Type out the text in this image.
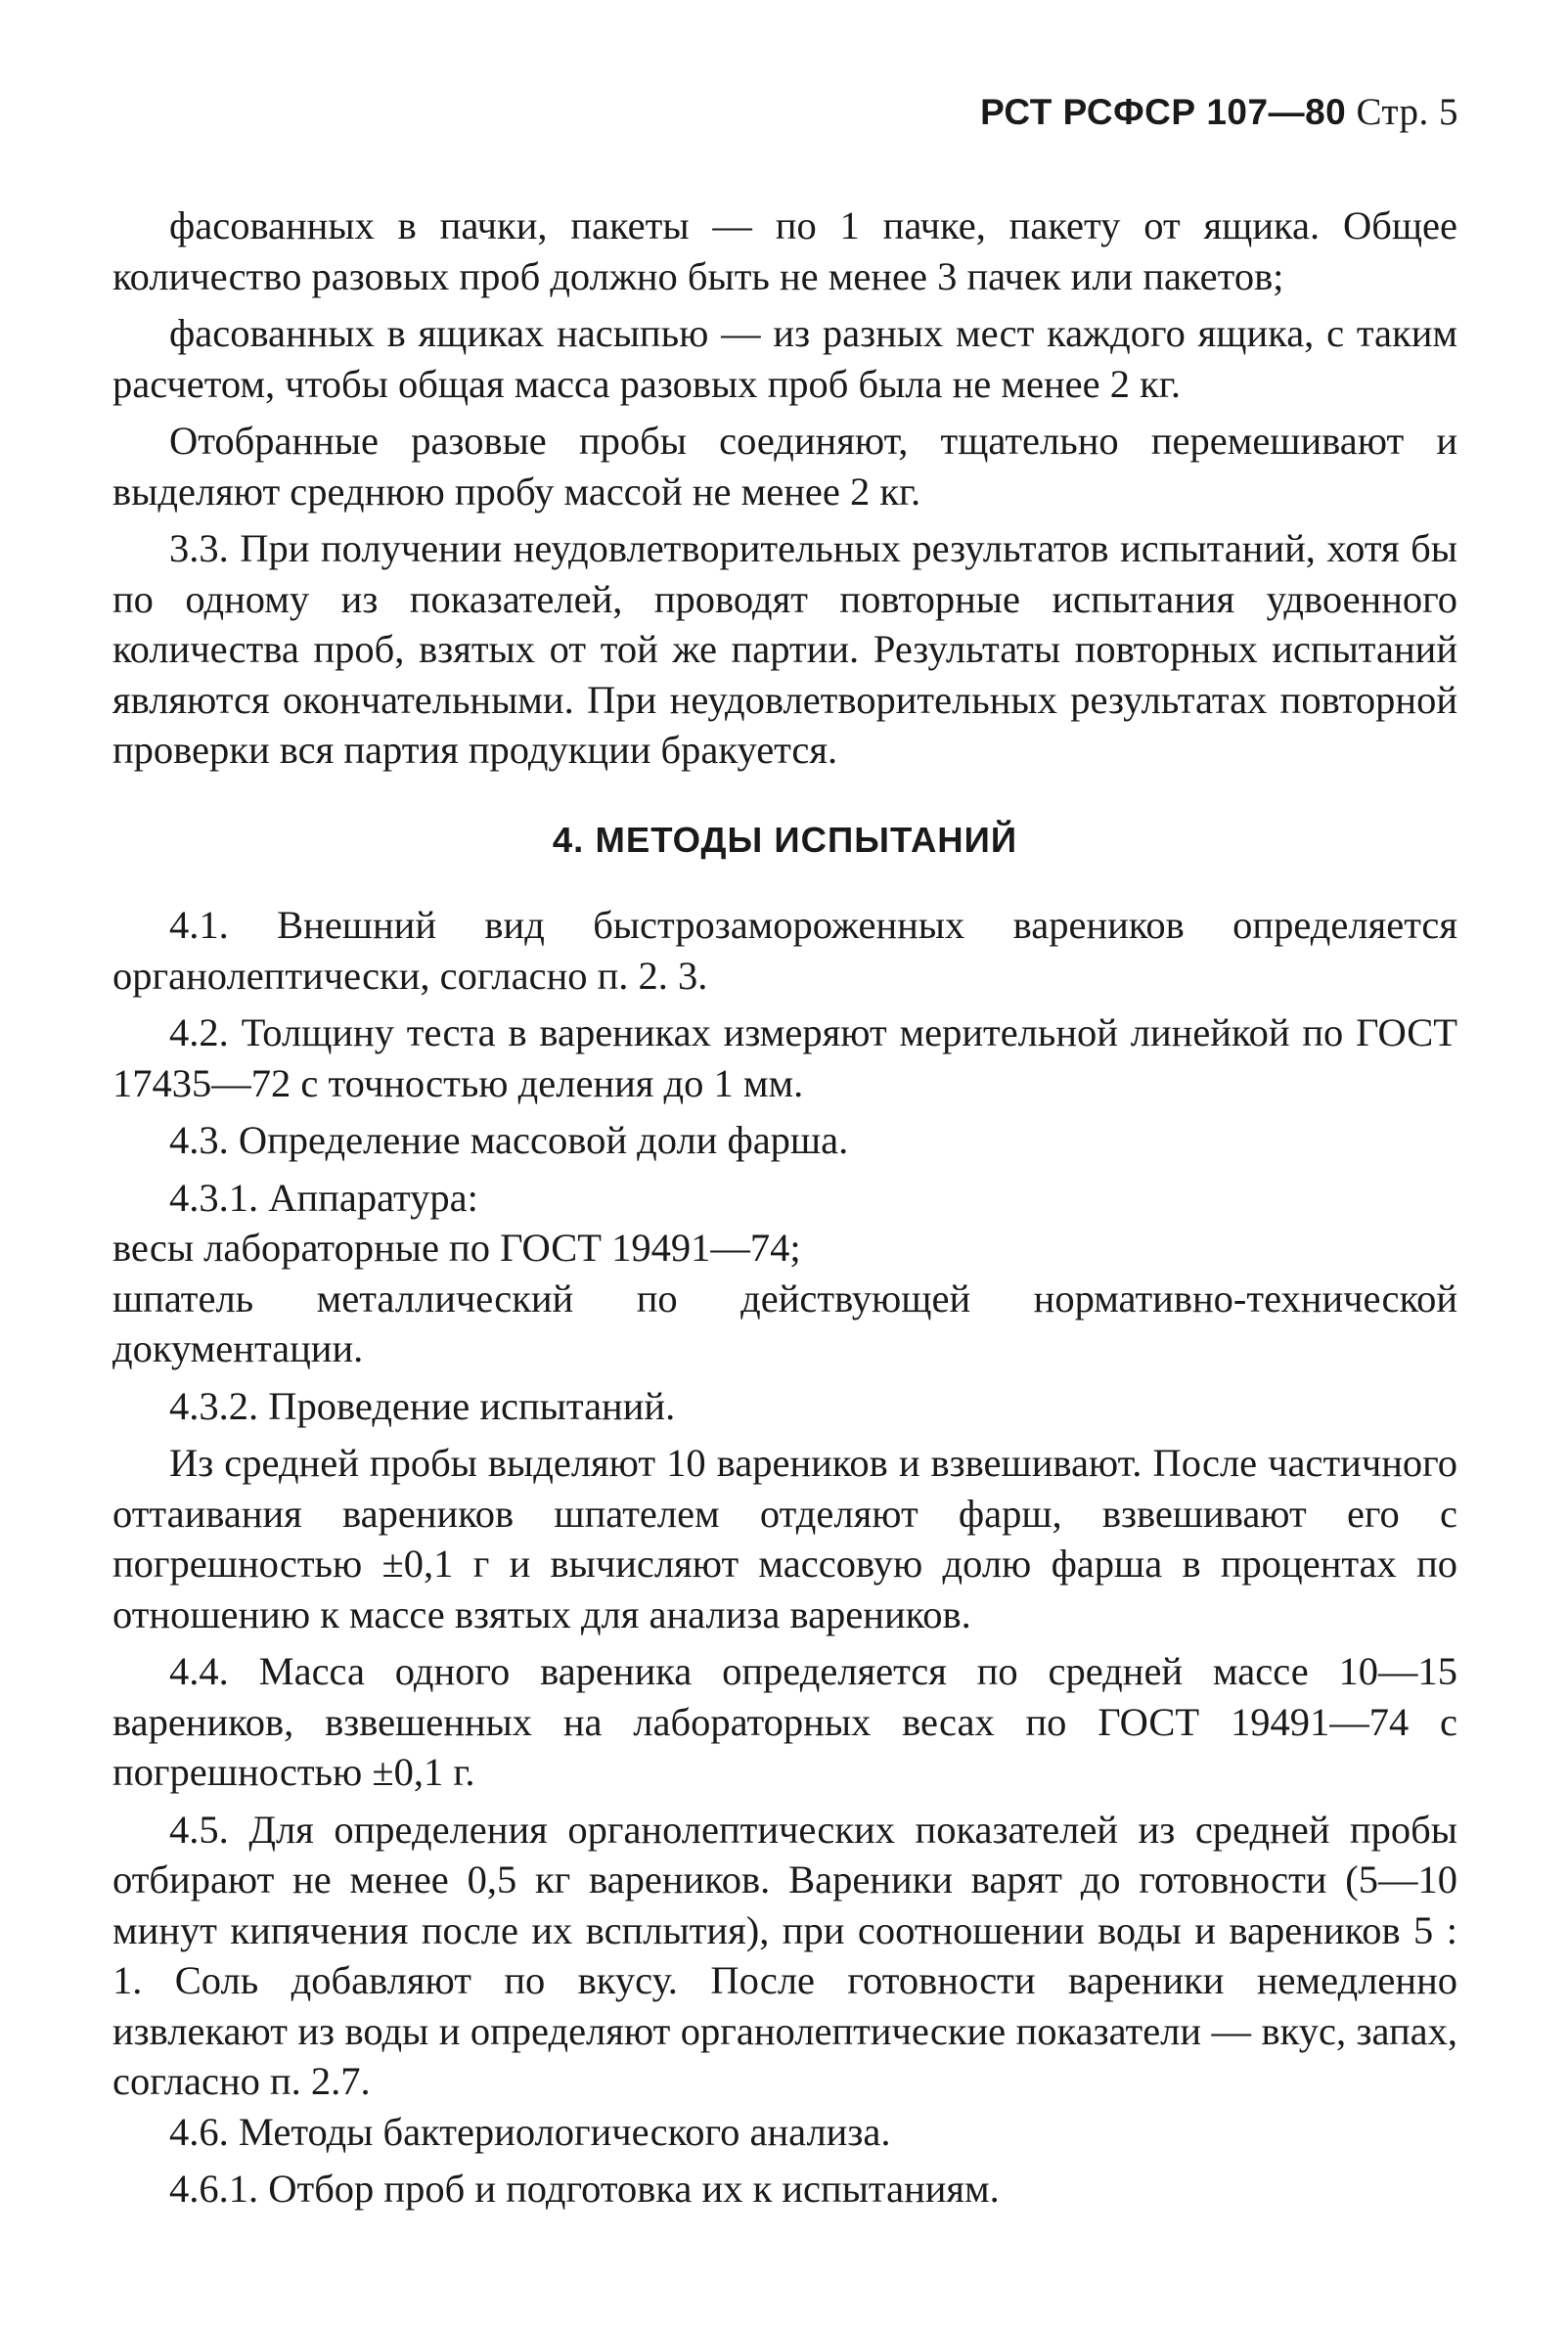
РСТ РСФСР 107—80 Стр. 5

фасованных в пачки, пакеты — по 1 пачке, пакету от ящика. Общее количество разовых проб должно быть не менее 3 пачек или пакетов;

фасованных в ящиках насыпью — из разных мест каждого ящика, с таким расчетом, чтобы общая масса разовых проб была не менее 2 кг.

Отобранные разовые пробы соединяют, тщательно перемешивают и выделяют среднюю пробу массой не менее 2 кг.

3.3. При получении неудовлетворительных результатов испытаний, хотя бы по одному из показателей, проводят повторные испытания удвоенного количества проб, взятых от той же партии. Результаты повторных испытаний являются окончательными. При неудовлетворительных результатах повторной проверки вся партия продукции бракуется.

4. МЕТОДЫ ИСПЫТАНИЙ

4.1. Внешний вид быстрозамороженных вареников определяется органолептически, согласно п. 2. 3.

4.2. Толщину теста в варениках измеряют мерительной линейкой по ГОСТ 17435—72 с точностью деления до 1 мм.

4.3. Определение массовой доли фарша.

4.3.1. Аппаратура:

весы лабораторные по ГОСТ 19491—74;

шпатель металлический по действующей нормативно-технической документации.

4.3.2. Проведение испытаний.

Из средней пробы выделяют 10 вареников и взвешивают. После частичного оттаивания вареников шпателем отделяют фарш, взвешивают его с погрешностью ±0,1 г и вычисляют массовую долю фарша в процентах по отношению к массе взятых для анализа вареников.

4.4. Масса одного вареника определяется по средней массе 10—15 вареников, взвешенных на лабораторных весах по ГОСТ 19491—74 с погрешностью ±0,1 г.

4.5. Для определения органолептических показателей из средней пробы отбирают не менее 0,5 кг вареников. Вареники варят до готовности (5—10 минут кипячения после их всплытия), при соотношении воды и вареников 5 : 1. Соль добавляют по вкусу. После готовности вареники немедленно извлекают из воды и определяют органолептические показатели — вкус, запах, согласно п. 2.7.

4.6. Методы бактериологического анализа.

4.6.1. Отбор проб и подготовка их к испытаниям.
